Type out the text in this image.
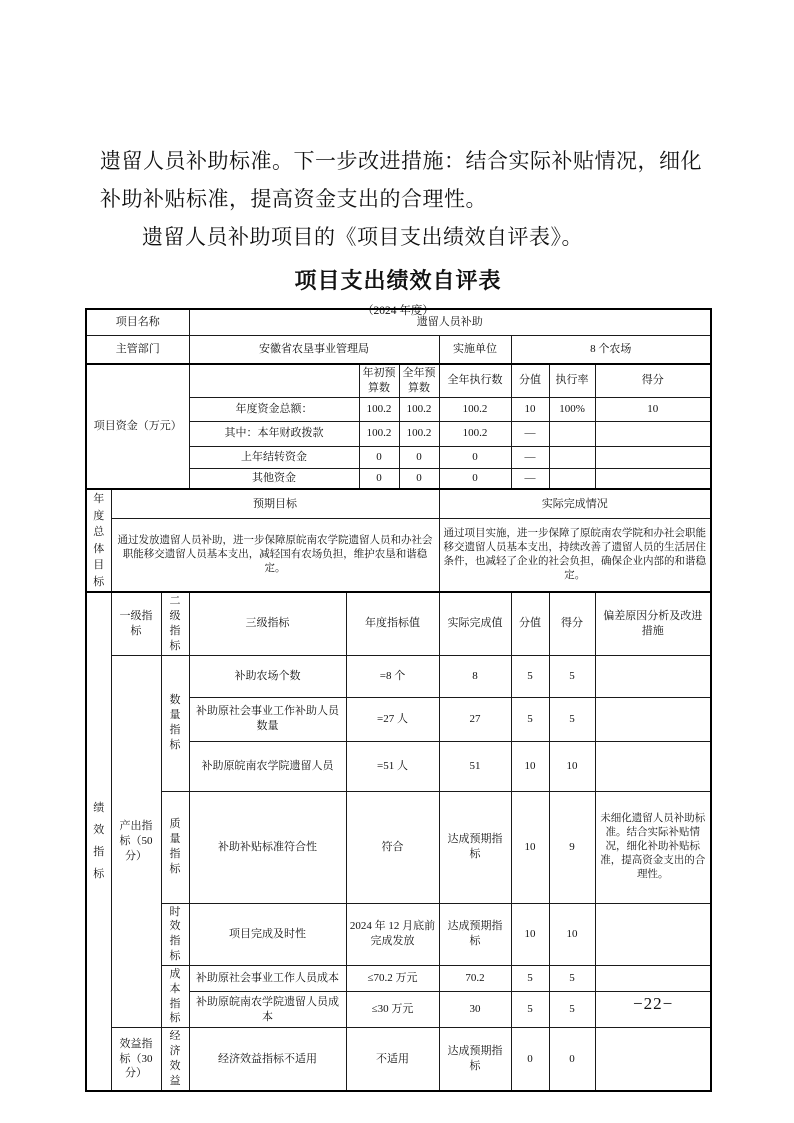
遗留人员补助标准。下一步改进措施：结合实际补贴情况，细化

补助补贴标准，提高资金支出的合理性。

遗留人员补助项目的《项目支出绩效自评表》。

项目支出绩效自评表
（2024 年度）
项目名称			遗留人员补助							
主管部门			安徽省农垦事业管理局				实施单位	8 个农场		
项目资金（万元）					年初预算数	全年预算数	全年执行数	分值	执行率	得分
			年度资金总额：		100.2	100.2	100.2	10	100%	10
			其中：本年财政拨款		100.2	100.2	100.2	—		
			上年结转资金		0	0	0	—		
			其他资金		0	0	0	—		

年度总体目标	预期目标						实际完成情况			
	通过发放遗留人员补助，进一步保障原皖南农学院遗留人员和办社会职能移交遗留人员基本支出，减轻国有农场负担，维护农垦和谐稳定。						通过项目实施，进一步保障了原皖南农学院和办社会职能移交遗留人员基本支出，持续改善了遗留人员的生活居住条件，也减轻了企业的社会负担，确保企业内部的和谐稳定。			

绩效指标	一级指标	二级指标	三级指标	年度指标值			实际完成值	分值	得分	偏差原因分析及改进措施
	产出指标（50分）	数量指标	补助农场个数	=8 个			8	5	5	
			补助原社会事业工作补助人员数量	=27 人			27	5	5	
			补助原皖南农学院遗留人员	=51 人			51	10	10	
		质量指标	补助补贴标准符合性	符合			达成预期指标	10	9	未细化遗留人员补助标准。结合实际补贴情况，细化补助补贴标准，提高资金支出的合理性。
		时效指标	项目完成及时性	2024 年 12 月底前完成发放			达成预期指标	10	10	
		成本指标	补助原社会事业工作人员成本	≤70.2 万元			70.2	5	5	
			补助原皖南农学院遗留人员成本	≤30 万元			30	5	5	
	效益指标（30分）	经济效益	经济效益指标不适用	不适用			达成预期指标	0	0	
−22−
